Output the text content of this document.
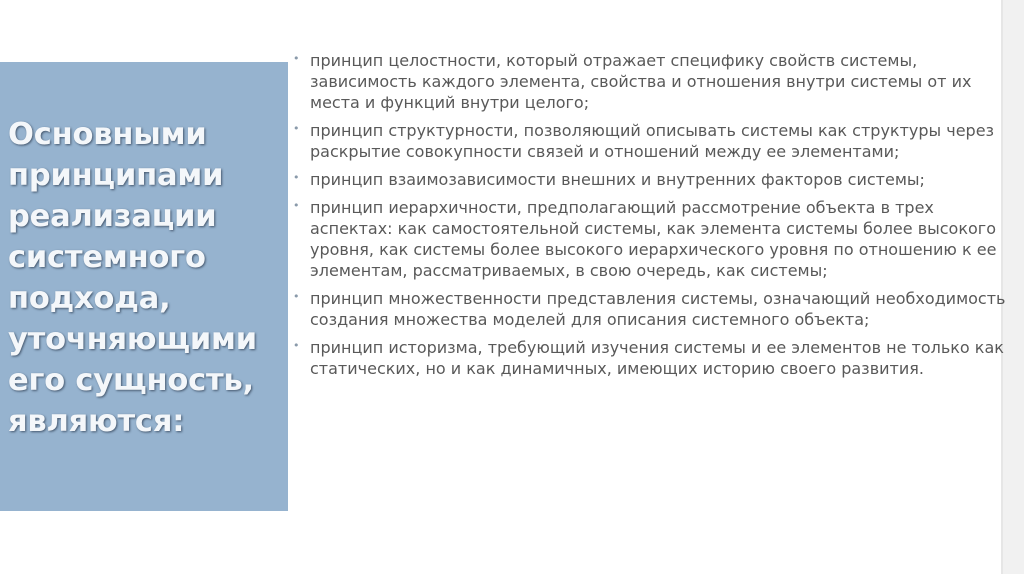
Основными принципами реализации системного подхода, уточняющими его сущность, являются:
• принцип целостности, который отражает специфику свойств системы, зависимость каждого элемента, свойства и отношения внутри системы от их места и функций внутри целого;
• принцип структурности, позволяющий описывать системы как структуры через раскрытие совокупности связей и отношений между ее элементами;
• принцип взаимозависимости внешних и внутренних факторов системы;
• принцип иерархичности, предполагающий рассмотрение объекта в трех аспектах: как самостоятельной системы, как элемента системы более высокого уровня, как системы более высокого иерархического уровня по отношению к ее элементам, рассматриваемых, в свою очередь, как системы;
• принцип множественности представления системы, означающий необходимость создания множества моделей для описания системного объекта;
• принцип историзма, требующий изучения системы и ее элементов не только как статических, но и как динамичных, имеющих историю своего развития.
